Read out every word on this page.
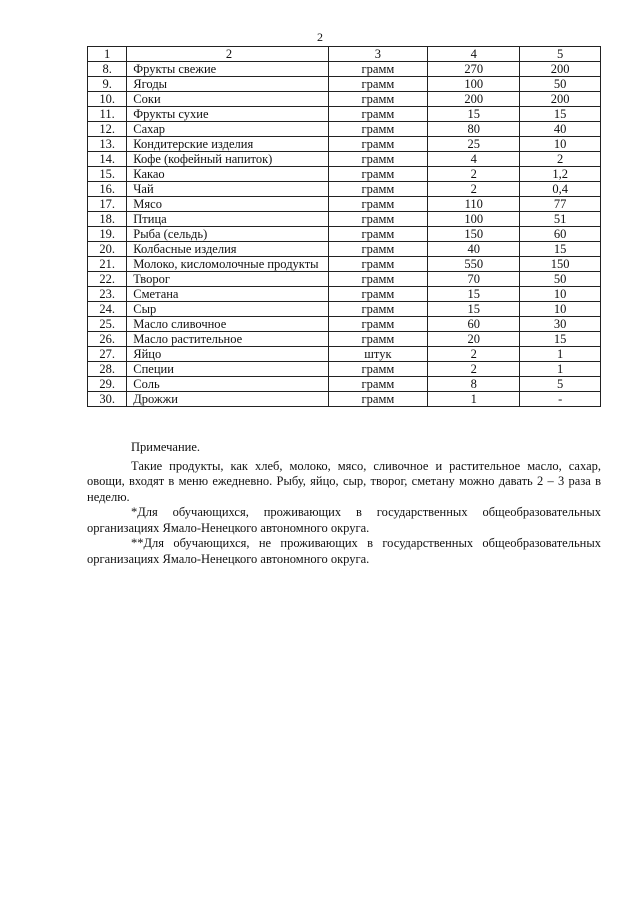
2
1	2	3	4	5
8.	Фрукты свежие	грамм	270	200
9.	Ягоды	грамм	100	50
10.	Соки	грамм	200	200
11.	Фрукты сухие	грамм	15	15
12.	Сахар	грамм	80	40
13.	Кондитерские изделия	грамм	25	10
14.	Кофе (кофейный напиток)	грамм	4	2
15.	Какао	грамм	2	1,2
16.	Чай	грамм	2	0,4
17.	Мясо	грамм	110	77
18.	Птица	грамм	100	51
19.	Рыба (сельдь)	грамм	150	60
20.	Колбасные изделия	грамм	40	15
21.	Молоко, кисломолочные продукты	грамм	550	150
22.	Творог	грамм	70	50
23.	Сметана	грамм	15	10
24.	Сыр	грамм	15	10
25.	Масло сливочное	грамм	60	30
26.	Масло растительное	грамм	20	15
27.	Яйцо	штук	2	1
28.	Специи	грамм	2	1
29.	Соль	грамм	8	5
30.	Дрожжи	грамм	1	-

Примечание.

Такие продукты, как хлеб, молоко, мясо, сливочное и растительное масло, сахар, овощи, входят в меню ежедневно. Рыбу, яйцо, сыр, творог, сметану можно давать 2 – 3 раза в неделю.

*Для обучающихся, проживающих в государственных общеобразовательных организациях Ямало-Ненецкого автономного округа.

**Для обучающихся, не проживающих в государственных общеобразовательных организациях Ямало-Ненецкого автономного округа.
